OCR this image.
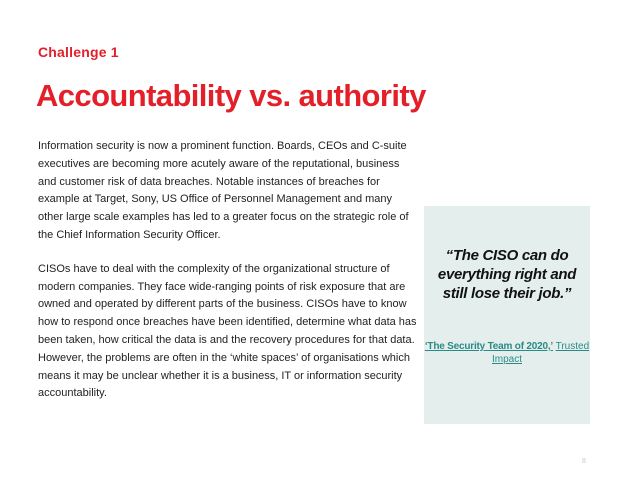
Challenge 1
Accountability vs. authority

Information security is now a prominent function. Boards, CEOs and C-suite executives are becoming more acutely aware of the reputational, business and customer risk of data breaches. Notable instances of breaches for example at Target, Sony, US Office of Personnel Management and many other large scale examples has led to a greater focus on the strategic role of the Chief Information Security Officer.

CISOs have to deal with the complexity of the organizational structure of modern companies. They face wide-ranging points of risk exposure that are owned and operated by different parts of the business. CISOs have to know how to respond once breaches have been identified, determine what data has been taken, how critical the data is and the recovery procedures for that data. However, the problems are often in the ‘white spaces’ of organisations which means it may be unclear whether it is a business, IT or information security accountability.

“The CISO can do everything right and still lose their job.”
‘The Security Team of 2020,’ Trusted Impact
8
